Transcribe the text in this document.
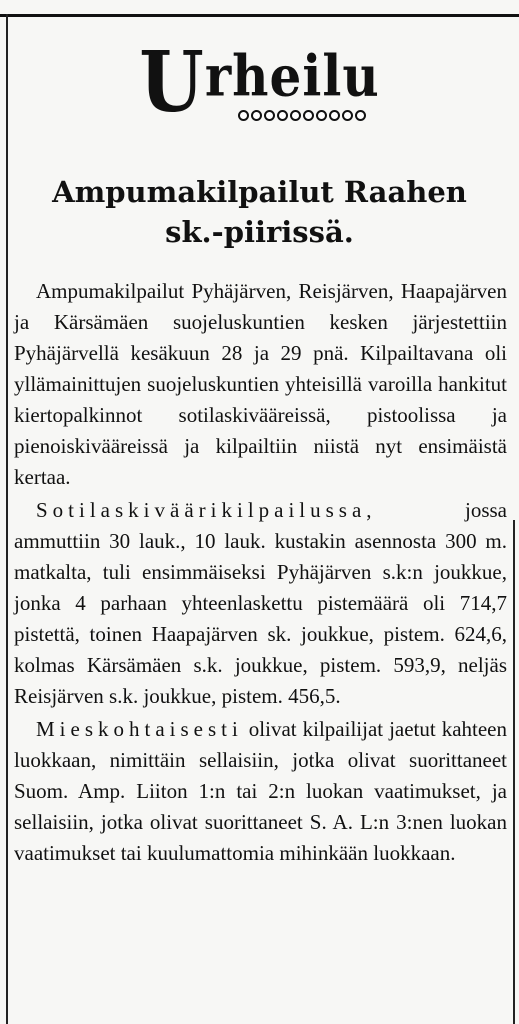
Urheilu
Ampumakilpailut Raahen
sk.-piirissä.

Ampumakilpailut Pyhäjärven, Reisjärven, Haapajärven ja Kärsämäen suojeluskuntien kesken järjestettiin Pyhäjärvellä kesäkuun 28 ja 29 pnä. Kilpailtavana oli yllämainittujen suojeluskuntien yhteisillä varoilla hankitut kiertopalkinnot sotilaskivääreissä, pistoolissa ja pienoiskivääreissä ja kilpailtiin niistä nyt ensimäistä kertaa.

Sotilaskiväärikilpailussa, jossa ammuttiin 30 lauk., 10 lauk. kustakin asennosta 300 m. matkalta, tuli ensimmäiseksi Pyhäjärven s.k:n joukkue, jonka 4 parhaan yhteenlaskettu pistemäärä oli 714,7 pistettä, toinen Haapajärven sk. joukkue, pistem. 624,6, kolmas Kärsämäen s.k. joukkue, pistem. 593,9, neljäs Reisjärven s.k. joukkue, pistem. 456,5.

Mieskohtaisesti olivat kilpailijat jaetut kahteen luokkaan, nimittäin sellaisiin, jotka olivat suorittaneet Suom. Amp. Liiton 1:n tai 2:n luokan vaatimukset, ja sellaisiin, jotka olivat suorittaneet S. A. L:n 3:nen luokan vaatimukset tai kuulumattomia mihinkään luokkaan.
